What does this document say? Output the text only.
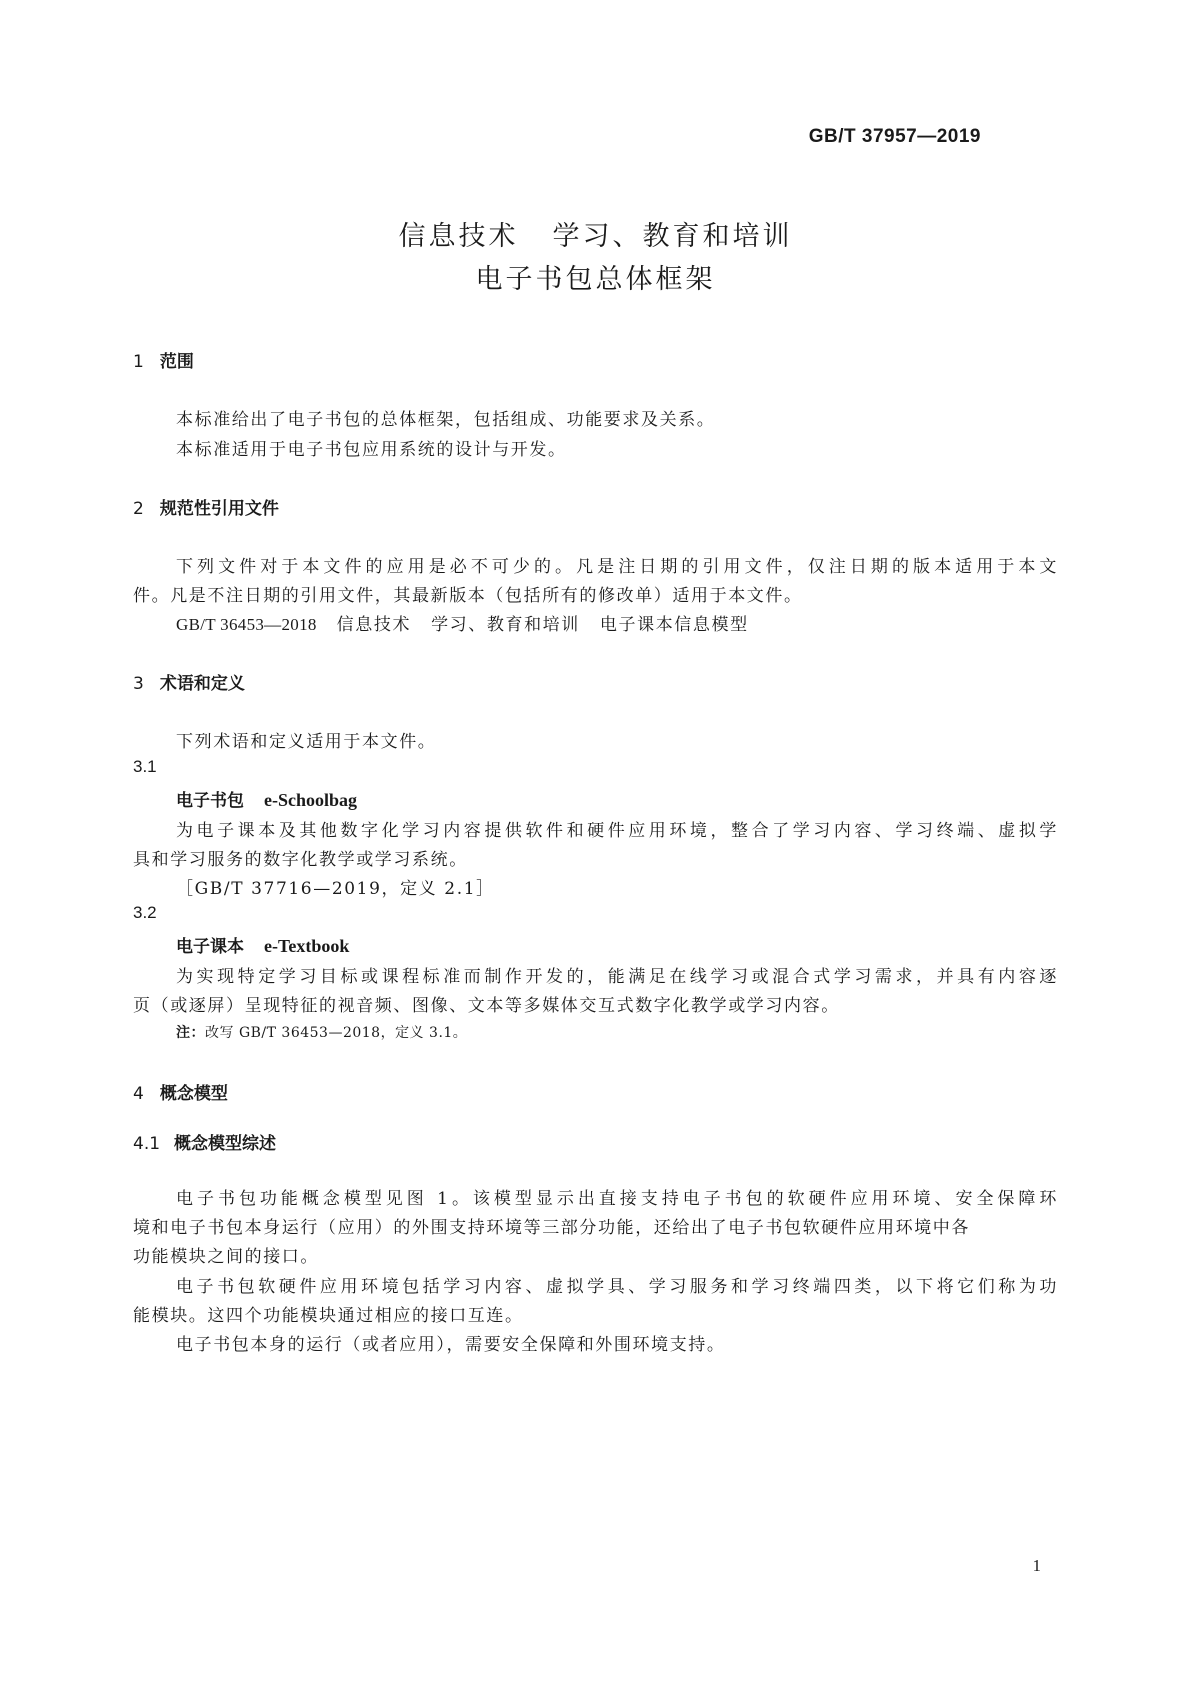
GB/T 37957—2019
信息技术 学习、教育和培训
电子书包总体框架
1 范围
本标准给出了电子书包的总体框架，包括组成、功能要求及关系。
本标准适用于电子书包应用系统的设计与开发。
2 规范性引用文件
下列文件对于本文件的应用是必不可少的。凡是注日期的引用文件，仅注日期的版本适用于本文
件。凡是不注日期的引用文件，其最新版本（包括所有的修改单）适用于本文件。
GB/T 36453—2018 信息技术 学习、教育和培训 电子课本信息模型
3 术语和定义
下列术语和定义适用于本文件。
3.1
电子书包 e-Schoolbag
为电子课本及其他数字化学习内容提供软件和硬件应用环境，整合了学习内容、学习终端、虚拟学
具和学习服务的数字化教学或学习系统。
［GB/T 37716—2019，定义 2.1］
3.2
电子课本 e-Textbook
为实现特定学习目标或课程标准而制作开发的，能满足在线学习或混合式学习需求，并具有内容逐
页（或逐屏）呈现特征的视音频、图像、文本等多媒体交互式数字化教学或学习内容。
注：改写 GB/T 36453—2018，定义 3.1。
4 概念模型
4.1 概念模型综述
电子书包功能概念模型见图 1。该模型显示出直接支持电子书包的软硬件应用环境、安全保障环
境和电子书包本身运行（应用）的外围支持环境等三部分功能，还给出了电子书包软硬件应用环境中各
功能模块之间的接口。
电子书包软硬件应用环境包括学习内容、虚拟学具、学习服务和学习终端四类，以下将它们称为功
能模块。这四个功能模块通过相应的接口互连。
电子书包本身的运行（或者应用），需要安全保障和外围环境支持。
1
